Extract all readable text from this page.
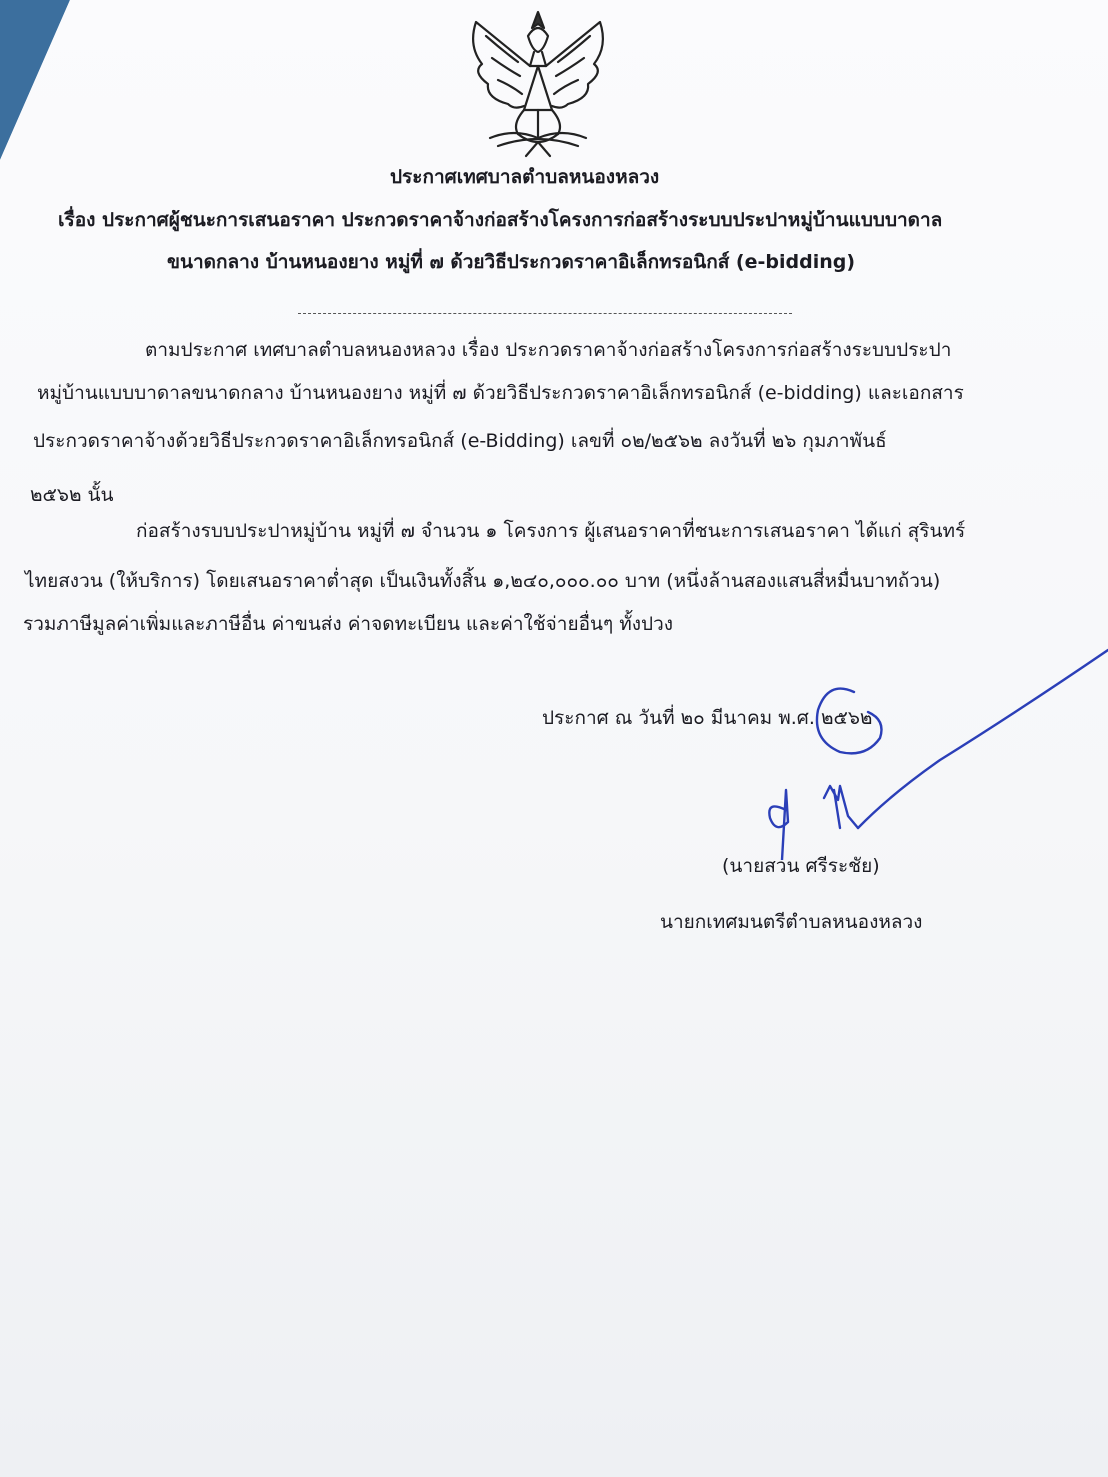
ประกาศเทศบาลตำบลหนองหลวง
เรื่อง ประกาศผู้ชนะการเสนอราคา ประกวดราคาจ้างก่อสร้างโครงการก่อสร้างระบบประปาหมู่บ้านแบบบาดาล
ขนาดกลาง บ้านหนองยาง หมู่ที่ ๗ ด้วยวิธีประกวดราคาอิเล็กทรอนิกส์ (e-bidding)
ตามประกาศ เทศบาลตำบลหนองหลวง เรื่อง ประกวดราคาจ้างก่อสร้างโครงการก่อสร้างระบบประปา
หมู่บ้านแบบบาดาลขนาดกลาง บ้านหนองยาง หมู่ที่ ๗ ด้วยวิธีประกวดราคาอิเล็กทรอนิกส์ (e-bidding) และเอกสาร
ประกวดราคาจ้างด้วยวิธีประกวดราคาอิเล็กทรอนิกส์ (e-Bidding) เลขที่ ๐๒/๒๕๖๒ ลงวันที่ ๒๖ กุมภาพันธ์
๒๕๖๒ นั้น
ก่อสร้างรบบประปาหมู่บ้าน หมู่ที่ ๗ จำนวน ๑ โครงการ ผู้เสนอราคาที่ชนะการเสนอราคา ได้แก่ สุรินทร์
ไทยสงวน (ให้บริการ) โดยเสนอราคาต่ำสุด เป็นเงินทั้งสิ้น ๑,๒๔๐,๐๐๐.๐๐ บาท (หนึ่งล้านสองแสนสี่หมื่นบาทถ้วน)
รวมภาษีมูลค่าเพิ่มและภาษีอื่น ค่าขนส่ง ค่าจดทะเบียน และค่าใช้จ่ายอื่นๆ ทั้งปวง
ประกาศ ณ วันที่ ๒๐ มีนาคม พ.ศ. ๒๕๖๒
(นายสวน ศรีระชัย)
นายกเทศมนตรีตำบลหนองหลวง
